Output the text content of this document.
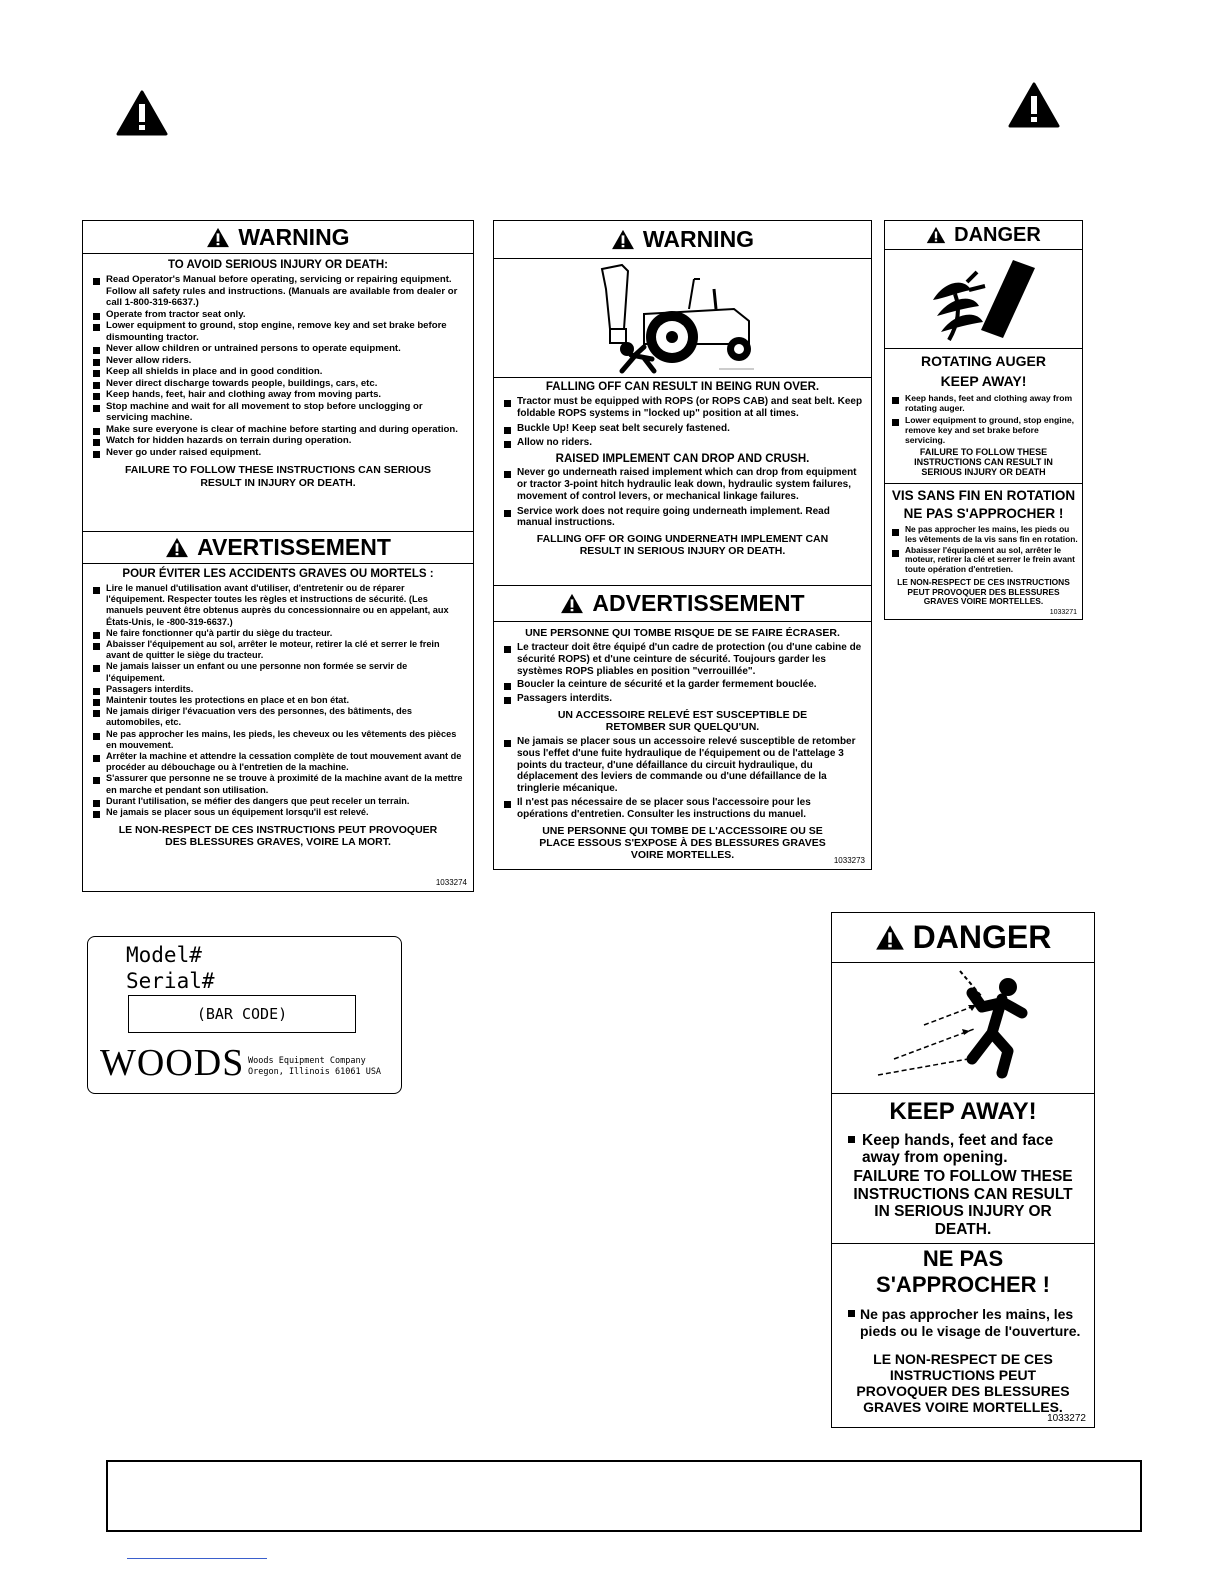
WARNING
TO AVOID SERIOUS INJURY OR DEATH:
Read Operator's Manual before operating, servicing or repairing equipment. Follow all safety rules and instructions. (Manuals are available from dealer or call 1-800-319-6637.)
Operate from tractor seat only.
Lower equipment to ground, stop engine, remove key and set brake before dismounting tractor.
Never allow children or untrained persons to operate equipment.
Never allow riders.
Keep all shields in place and in good condition.
Never direct discharge towards people, buildings, cars, etc.
Keep hands, feet, hair and clothing away from moving parts.
Stop machine and wait for all movement to stop before unclogging or servicing machine.
Make sure everyone is clear of machine before starting and during operation.
Watch for hidden hazards on terrain during operation.
Never go under raised equipment.
FAILURE TO FOLLOW THESE INSTRUCTIONS CAN SERIOUS RESULT IN INJURY OR DEATH.
AVERTISSEMENT
POUR ÉVITER LES ACCIDENTS GRAVES OU MORTELS :
Lire le manuel d'utilisation avant d'utiliser, d'entretenir ou de réparer l'équipement. Respecter toutes les règles et instructions de sécurité. (Les manuels peuvent être obtenus auprès du concessionnaire ou en appelant, aux États-Unis, le -800-319-6637.)
Ne faire fonctionner qu'à partir du siège du tracteur.
Abaisser l'équipement au sol, arrêter le moteur, retirer la clé et serrer le frein avant de quitter le siège du tracteur.
Ne jamais laisser un enfant ou une personne non formée se servir de l'équipement.
Passagers interdits.
Maintenir toutes les protections en place et en bon état.
Ne jamais diriger l'évacuation vers des personnes, des bâtiments, des automobiles, etc.
Ne pas approcher les mains, les pieds, les cheveux ou les vêtements des pièces en mouvement.
Arrêter la machine et attendre la cessation complète de tout mouvement avant de procéder au débouchage ou à l'entretien de la machine.
S'assurer que personne ne se trouve à proximité de la machine avant de la mettre en marche et pendant son utilisation.
Durant l'utilisation, se méfier des dangers que peut receler un terrain.
Ne jamais se placer sous un équipement lorsqu'il est relevé.
LE NON-RESPECT DE CES INSTRUCTIONS PEUT PROVOQUER DES BLESSURES GRAVES, VOIRE LA MORT.
1033274
WARNING
FALLING OFF CAN RESULT IN BEING RUN OVER.
Tractor must be equipped with ROPS (or ROPS CAB) and seat belt. Keep foldable ROPS systems in "locked up" position at all times.
Buckle Up! Keep seat belt securely fastened.
Allow no riders.
RAISED IMPLEMENT CAN DROP AND CRUSH.
Never go underneath raised implement which can drop from equipment or tractor 3-point hitch hydraulic leak down, hydraulic system failures, movement of control levers, or mechanical linkage failures.
Service work does not require going underneath implement. Read manual instructions.
FALLING OFF OR GOING UNDERNEATH IMPLEMENT CAN RESULT IN SERIOUS INJURY OR DEATH.
ADVERTISSEMENT
UNE PERSONNE QUI TOMBE RISQUE DE SE FAIRE ÉCRASER.
Le tracteur doit être équipé d'un cadre de protection (ou d'une cabine de sécurité ROPS) et d'une ceinture de sécurité. Toujours garder les systèmes ROPS pliables en position "verrouillée".
Boucler la ceinture de sécurité et la garder fermement bouclée.
Passagers interdits.
UN ACCESSOIRE RELEVÉ EST SUSCEPTIBLE DE RETOMBER SUR QUELQU'UN.
Ne jamais se placer sous un accessoire relevé susceptible de retomber sous l'effet d'une fuite hydraulique de l'équipement ou de l'attelage 3 points du tracteur, d'une défaillance du circuit hydraulique, du déplacement des leviers de commande ou d'une défaillance de la tringlerie mécanique.
Il n'est pas nécessaire de se placer sous l'accessoire pour les opérations d'entretien. Consulter les instructions du manuel.
UNE PERSONNE QUI TOMBE DE L'ACCESSOIRE OU SE PLACE ESSOUS S'EXPOSE À DES BLESSURES GRAVES VOIRE MORTELLES.	1033273
DANGER
ROTATING AUGER
KEEP AWAY!
Keep hands, feet and clothing away from rotating auger.
Lower equipment to ground, stop engine, remove key and set brake before servicing.
FAILURE TO FOLLOW THESE INSTRUCTIONS CAN RESULT IN SERIOUS INJURY OR DEATH
VIS SANS FIN EN ROTATION
NE PAS S'APPROCHER !
Ne pas approcher les mains, les pieds ou les vêtements de la vis sans fin en rotation.
Abaisser l'équipement au sol, arrêter le moteur, retirer la clé et serrer le frein avant toute opération d'entretien.
LE NON-RESPECT DE CES INSTRUCTIONS PEUT PROVOQUER DES BLESSURES GRAVES VOIRE MORTELLES.
1033271
Model#
Serial#
(BAR CODE)
WOODS Woods Equipment Company
Oregon, Illinois 61061 USA
DANGER
KEEP AWAY!
Keep hands, feet and face away from opening.
FAILURE TO FOLLOW THESE INSTRUCTIONS CAN RESULT IN SERIOUS INJURY OR DEATH.
NE PAS S'APPROCHER !
Ne pas approcher les mains, les pieds ou le visage de l'ouverture.
LE NON-RESPECT DE CES INSTRUCTIONS PEUT PROVOQUER DES BLESSURES GRAVES VOIRE MORTELLES.
1033272
